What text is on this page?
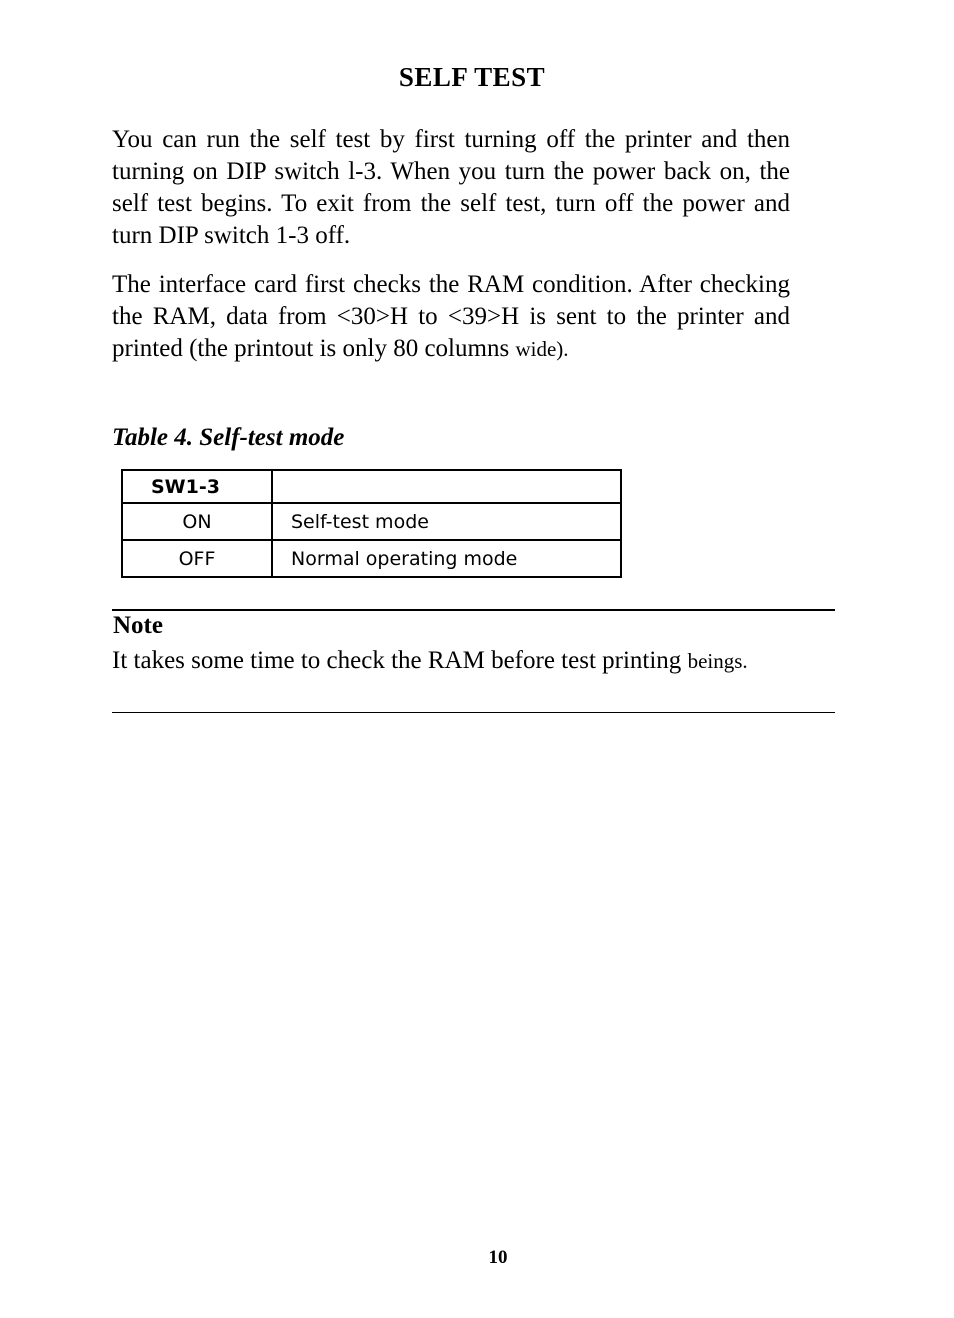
SELF TEST

You can run the self test by first turning off the printer and then turning on DIP switch l-3. When you turn the power back on, the self test begins. To exit from the self test, turn off the power and turn DIP switch 1-3 off.

The interface card first checks the RAM condition. After checking the RAM, data from <30>H to <39>H is sent to the printer and printed (the printout is only 80 columns wide).

Table 4. Self-test mode

SW1-3	
ON	Self-test mode
OFF	Normal operating mode

Note

It takes some time to check the RAM before test printing beings.

10
